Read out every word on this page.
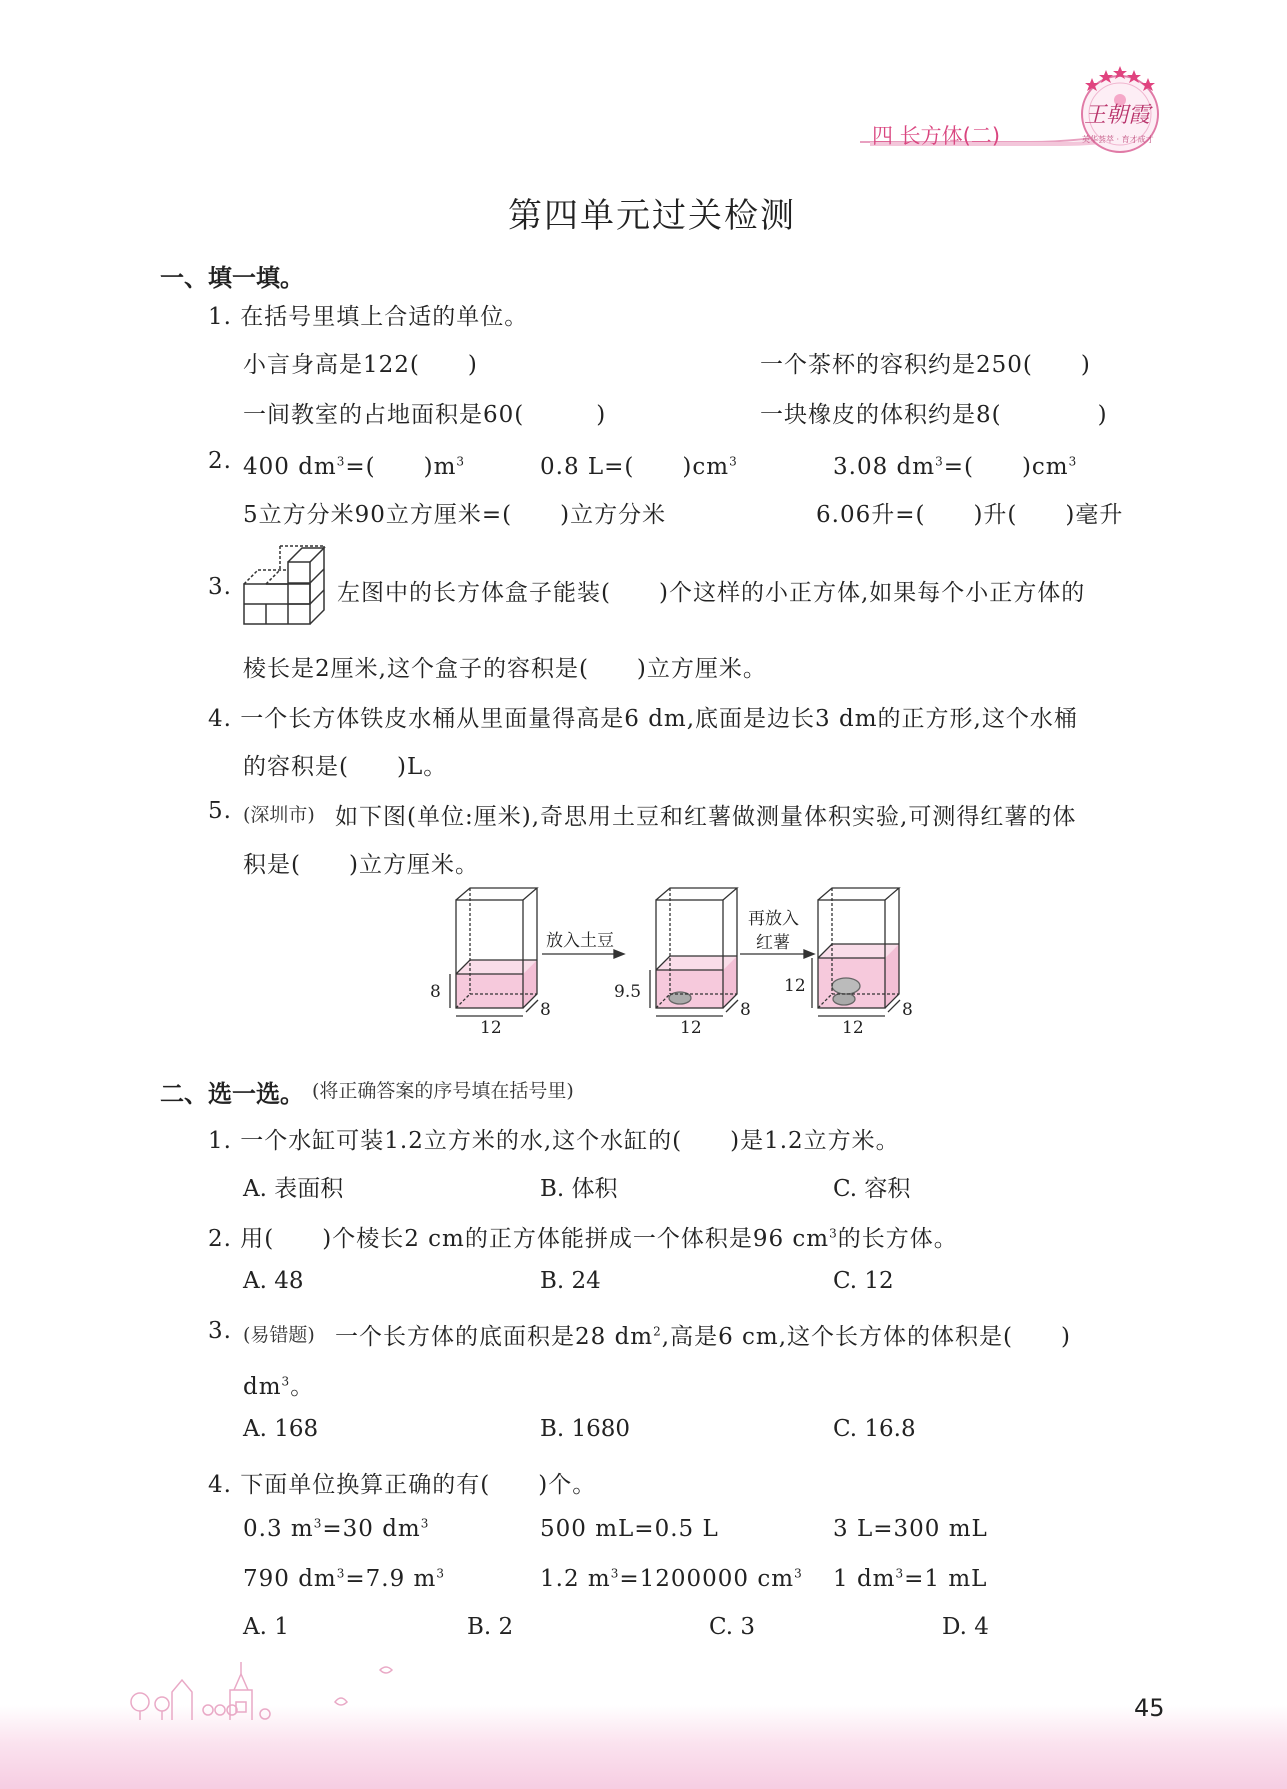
四 长方体(二)
王朝霞
英华荟萃 · 育才成才
第四单元过关检测
一、填一填。
1. 在括号里填上合适的单位。
小言身高是122(　　)	一个茶杯的容积约是250(　　)
一间教室的占地面积是60(　　　)	一块橡皮的体积约是8(　　　　)
2. 400 $dm^3=$(　　)$m^3$	0.8 L=(　　)$cm^3$	3.08 $dm^3=$(　　)$cm^3$
5立方分米90立方厘米=(　　)立方分米	6.06升=(　　)升(　　)毫升
3.	左图中的长方体盒子能装(　　)个这样的小正方体,如果每个小正方体的
棱长是2厘米,这个盒子的容积是(　　)立方厘米。
4. 一个长方体铁皮水桶从里面量得高是6 dm,底面是边长3 dm的正方形,这个水桶
的容积是(　　)L。
5. (深圳市) 如下图(单位:厘米),奇思用土豆和红薯做测量体积实验,可测得红薯的体
积是(　　)立方厘米。
放入土豆
再放入
红薯
8
12
8
9.5
12
8
12
12
8
二、选一选。 (将正确答案的序号填在括号里)
1. 一个水缸可装1.2立方米的水,这个水缸的(　　)是1.2立方米。
A. 表面积	B. 体积	C. 容积
2. 用(　　)个棱长2 cm的正方体能拼成一个体积是96 $cm^3$的长方体。
A. 48	B. 24	C. 12
3. (易错题) 一个长方体的底面积是28 $dm^2$,高是6 cm,这个长方体的体积是(　　)
$dm^3$。
A. 168	B. 1680	C. 16.8
4. 下面单位换算正确的有(　　)个。
0.3 $m^3=30$ $dm^3$	500 mL=0.5 L	3 L=300 mL
790 $dm^3=7.9$ $m^3$	1.2 $m^3=1200000$ $cm^3$ 1 $dm^3=1$ mL
A. 1	B. 2	C. 3	D. 4
45
